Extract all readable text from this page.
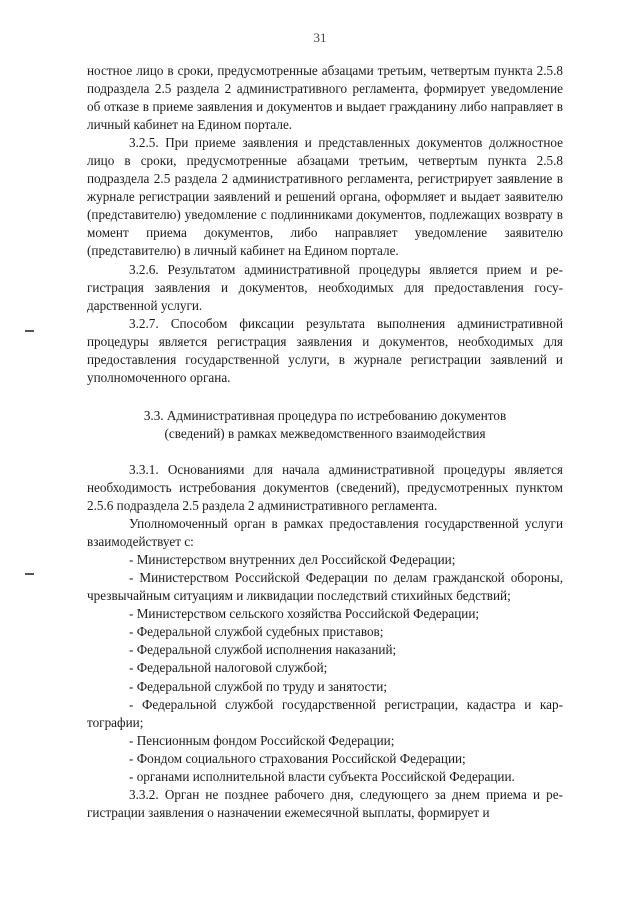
31

ностное лицо в сроки, предусмотренные абзацами третьим, четвертым пункта 2.5.8 подраздела 2.5 раздела 2 административного регламента, формирует уведомление об отказе в приеме заявления и документов и выдает гражданину либо направляет в личный кабинет на Едином портале.

3.2.5. При приеме заявления и представленных документов должностное лицо в сроки, предусмотренные абзацами третьим, четвертым пункта 2.5.8 подраздела 2.5 раздела 2 административного регламента, регистрирует заявление в журнале регистрации заявлений и решений органа, оформляет и выдает заявителю (представителю) уведомление с подлинниками документов, подлежащих возврату в момент приема документов, либо направляет уведомление заявителю (представителю) в личный кабинет на Едином портале.

3.2.6. Результатом административной процедуры является прием и регистрация заявления и документов, необходимых для предоставления государственной услуги.

3.2.7. Способом фиксации результата выполнения административной процедуры является регистрация заявления и документов, необходимых для предоставления государственной услуги, в журнале регистрации заявлений и уполномоченного органа.

3.3. Административная процедура по истребованию документов
(сведений) в рамках межведомственного взаимодействия

3.3.1. Основаниями для начала административной процедуры является необходимость истребования документов (сведений), предусмотренных пунктом 2.5.6 подраздела 2.5 раздела 2 административного регламента.

Уполномоченный орган в рамках предоставления государственной услуги взаимодействует с:

- Министерством внутренних дел Российской Федерации;

- Министерством Российской Федерации по делам гражданской обороны, чрезвычайным ситуациям и ликвидации последствий стихийных бедствий;

- Министерством сельского хозяйства Российской Федерации;

- Федеральной службой судебных приставов;

- Федеральной службой исполнения наказаний;

- Федеральной налоговой службой;

- Федеральной службой по труду и занятости;

- Федеральной службой государственной регистрации, кадастра и картографии;

- Пенсионным фондом Российской Федерации;

- Фондом социального страхования Российской Федерации;

- органами исполнительной власти субъекта Российской Федерации.

3.3.2. Орган не позднее рабочего дня, следующего за днем приема и регистрации заявления о назначении ежемесячной выплаты, формирует и
